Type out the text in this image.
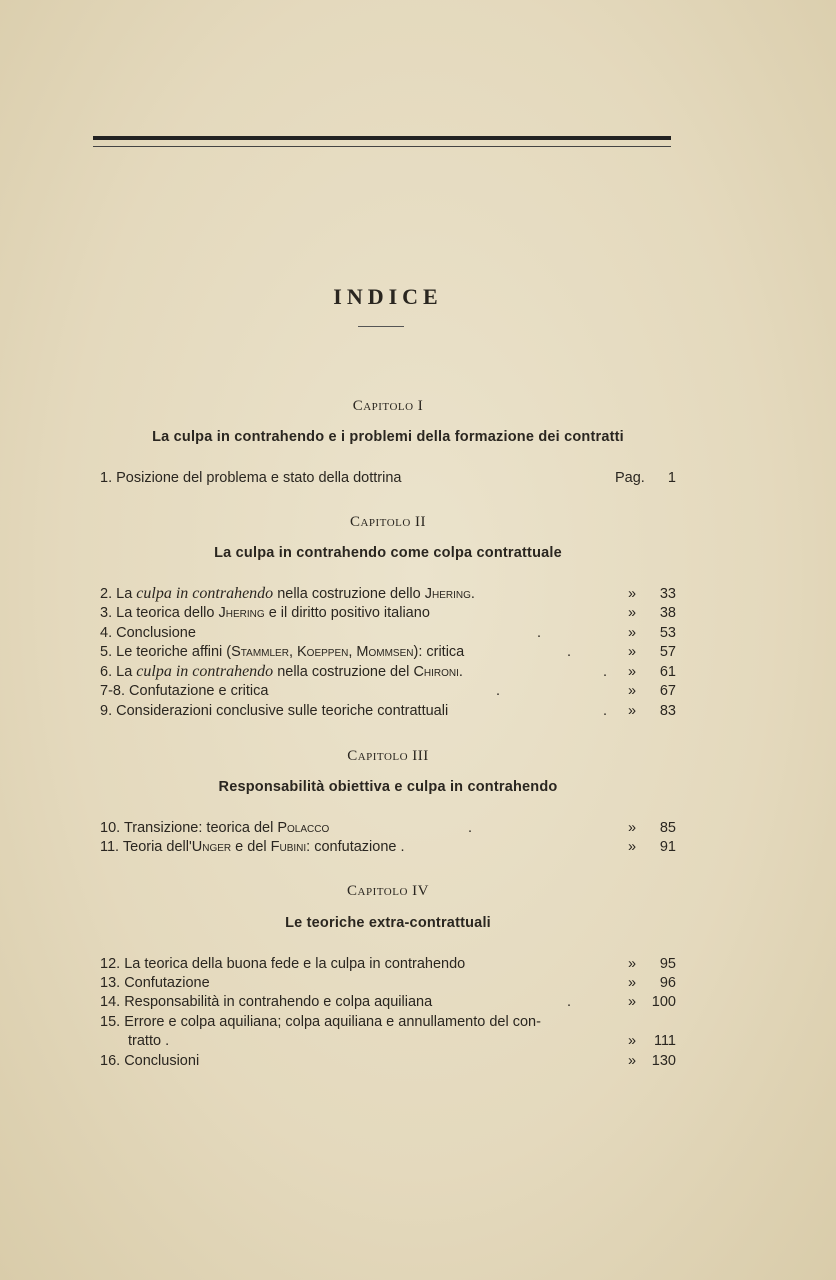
INDICE
Capitolo I
La culpa in contrahendo e i problemi della formazione dei contratti
1. Posizione del problema e stato della dottrina	Pag. 1
Capitolo II
La culpa in contrahendo come colpa contrattuale
2. La culpa in contrahendo nella costruzione dello Jhering.	» 33
3. La teorica dello Jhering e il diritto positivo italiano	» 38
4. Conclusione	.	» 53
5. Le teoriche affini (Stammler, Koeppen, Mommsen): critica	.	» 57
6. La culpa in contrahendo nella costruzione del Chironi.	. » 61
7-8. Confutazione e critica	.	» 67
9. Considerazioni conclusive sulle teoriche contrattuali	. » 83
Capitolo III
Responsabilità obiettiva e culpa in contrahendo
10. Transizione: teorica del Polacco	.	» 85
11. Teoria dell'Unger e del Fubini: confutazione .	» 91
Capitolo IV
Le teoriche extra-contrattuali
12. La teorica della buona fede e la culpa in contrahendo	» 95
13. Confutazione	» 96
14. Responsabilità in contrahendo e colpa aquiliana	.	» 100
15. Errore e colpa aquiliana; colpa aquiliana e annullamento del con-
tratto .	» 111
16. Conclusioni	» 130
